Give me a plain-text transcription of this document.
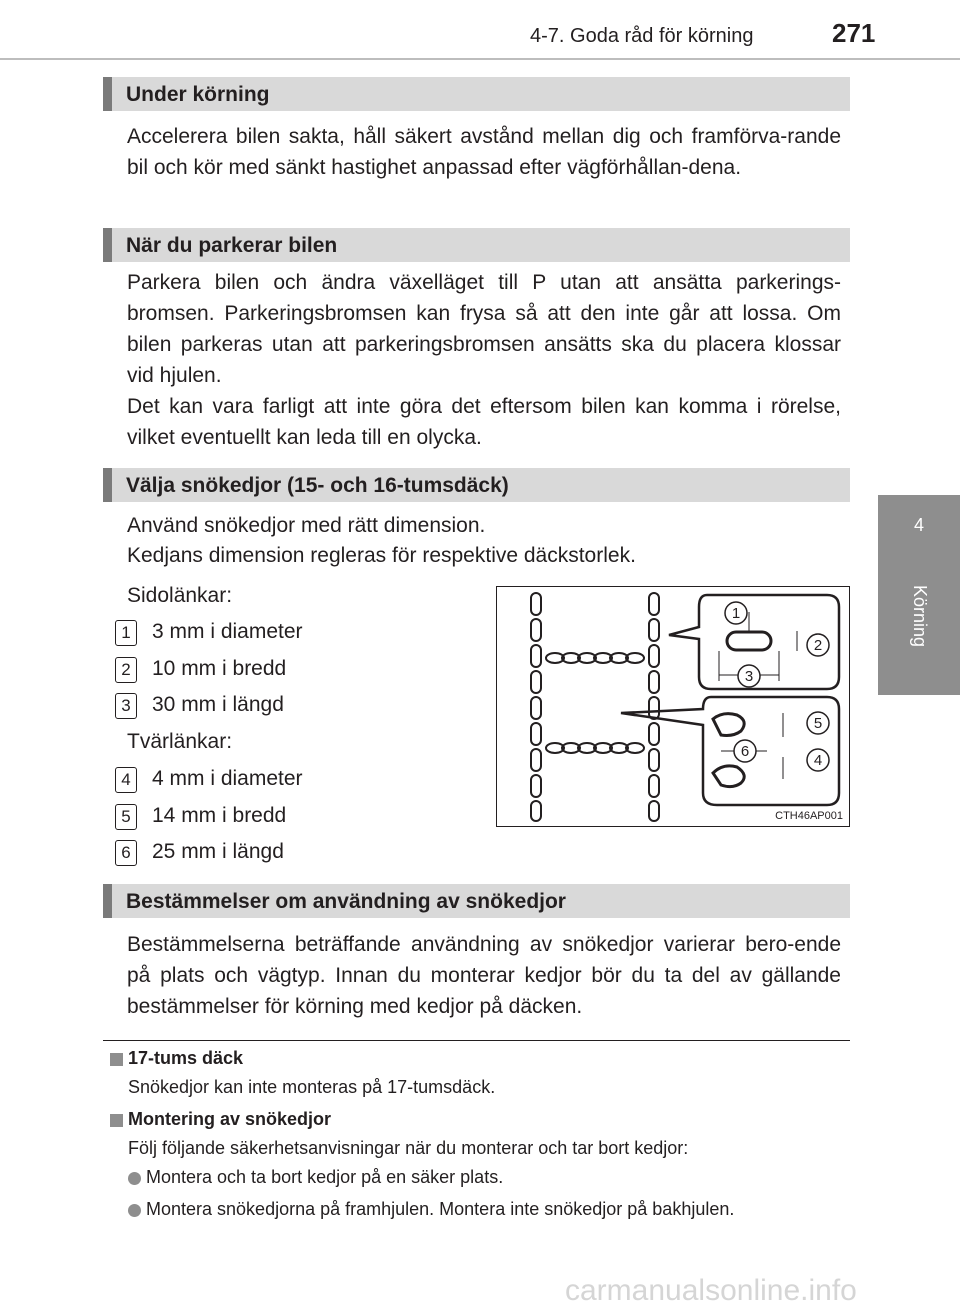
4-7. Goda råd för körning	271
4
Körning
Under körning
Accelerera bilen sakta, håll säkert avstånd mellan dig och framförva-rande bil och kör med sänkt hastighet anpassad efter vägförhållan-dena.
När du parkerar bilen
Parkera bilen och ändra växelläget till P utan att ansätta parkerings-bromsen. Parkeringsbromsen kan frysa så att den inte går att lossa. Om bilen parkeras utan att parkeringsbromsen ansätts ska du placera klossar vid hjulen.
Det kan vara farligt att inte göra det eftersom bilen kan komma i rörelse, vilket eventuellt kan leda till en olycka.
Välja snökedjor (15- och 16-tumsdäck)
Använd snökedjor med rätt dimension.
Kedjans dimension regleras för respektive däckstorlek.
Sidolänkar:
1 3 mm i diameter
2 10 mm i bredd
3 30 mm i längd
Tvärlänkar:
4 4 mm i diameter
5 14 mm i bredd
6 25 mm i längd
1
2
3
4
5
6
CTH46AP001
Bestämmelser om användning av snökedjor
Bestämmelserna beträffande användning av snökedjor varierar bero-ende på plats och vägtyp. Innan du monterar kedjor bör du ta del av gällande bestämmelser för körning med kedjor på däcken.
17-tums däck
Snökedjor kan inte monteras på 17-tumsdäck.
Montering av snökedjor
Följ följande säkerhetsanvisningar när du monterar och tar bort kedjor:
Montera och ta bort kedjor på en säker plats.
Montera snökedjorna på framhjulen. Montera inte snökedjor på bakhjulen.
carmanualsonline.info
